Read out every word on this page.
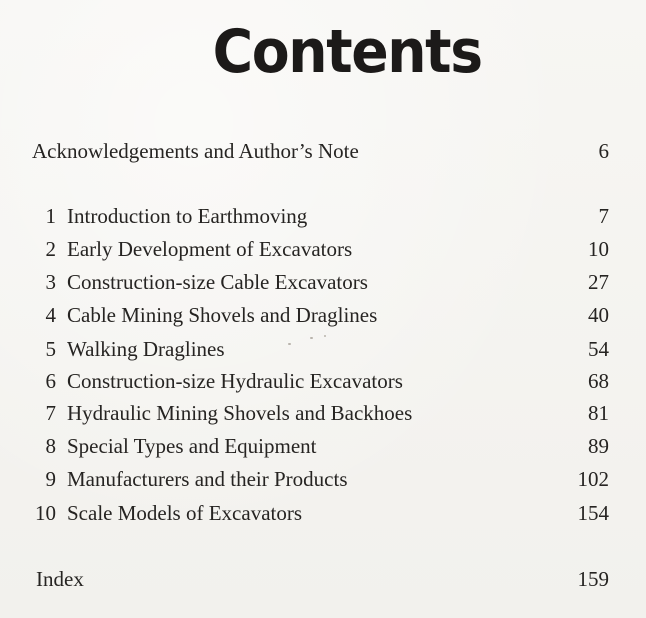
Contents
Acknowledgements and Author’s Note	6
1 Introduction to Earthmoving	7
2 Early Development of Excavators	10
3 Construction-size Cable Excavators	27
4 Cable Mining Shovels and Draglines	40
5 Walking Draglines	54
6 Construction-size Hydraulic Excavators	68
7 Hydraulic Mining Shovels and Backhoes	81
8 Special Types and Equipment	89
9 Manufacturers and their Products	102
10 Scale Models of Excavators	154
Index	159
